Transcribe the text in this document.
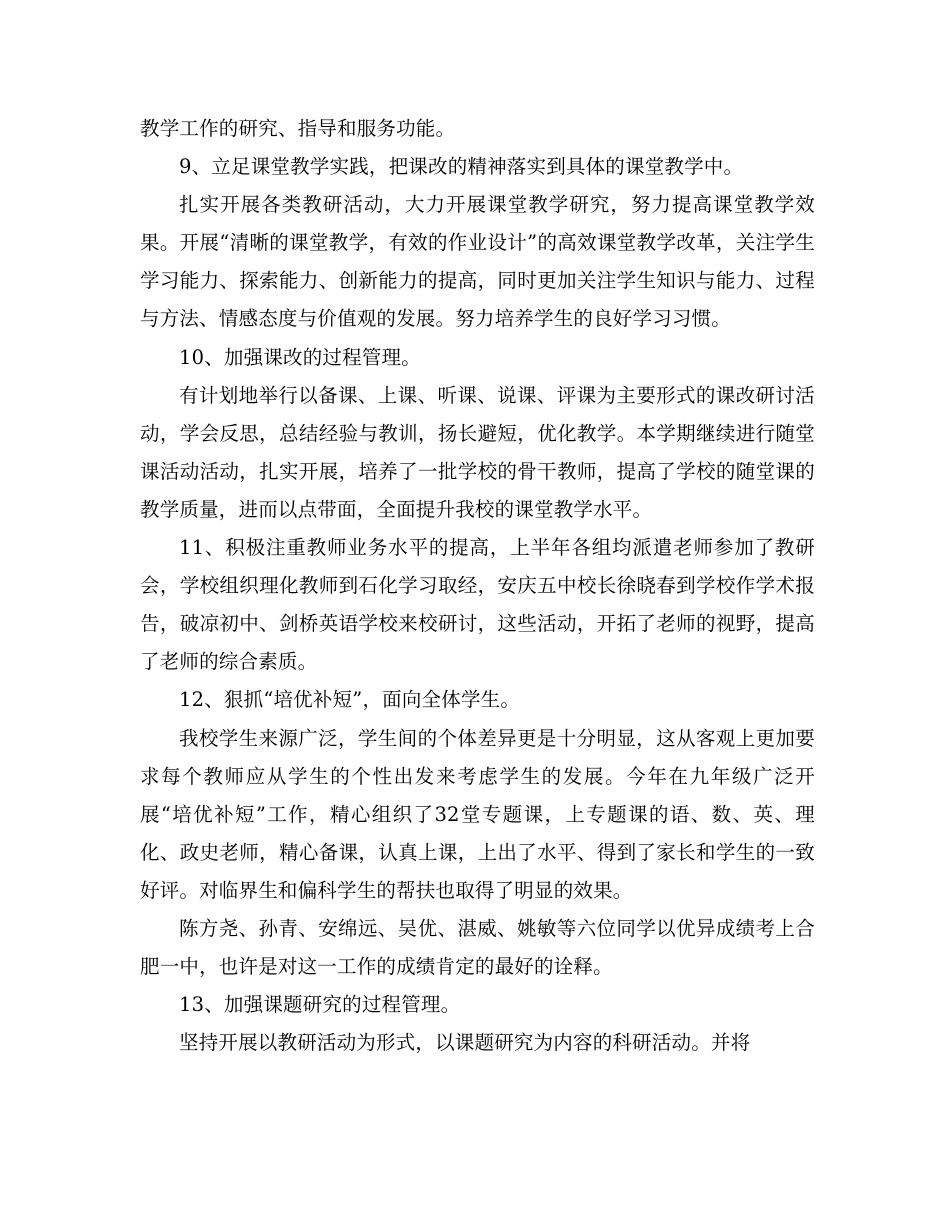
教学工作的研究、指导和服务功能。

9、立足课堂教学实践，把课改的精神落实到具体的课堂教学中。

扎实开展各类教研活动，大力开展课堂教学研究，努力提高课堂教学效果。开展“清晰的课堂教学，有效的作业设计”的高效课堂教学改革，关注学生学习能力、探索能力、创新能力的提高，同时更加关注学生知识与能力、过程与方法、情感态度与价值观的发展。努力培养学生的良好学习习惯。

10、加强课改的过程管理。

有计划地举行以备课、上课、听课、说课、评课为主要形式的课改研讨活动，学会反思，总结经验与教训，扬长避短，优化教学。本学期继续进行随堂课活动活动，扎实开展，培养了一批学校的骨干教师，提高了学校的随堂课的教学质量，进而以点带面，全面提升我校的课堂教学水平。

11、积极注重教师业务水平的提高，上半年各组均派遣老师参加了教研会，学校组织理化教师到石化学习取经，安庆五中校长徐晓春到学校作学术报告，破凉初中、剑桥英语学校来校研讨，这些活动，开拓了老师的视野，提高了老师的综合素质。

12、狠抓“培优补短”，面向全体学生。

我校学生来源广泛，学生间的个体差异更是十分明显，这从客观上更加要求每个教师应从学生的个性出发来考虑学生的发展。今年在九年级广泛开展“培优补短”工作，精心组织了32堂专题课，上专题课的语、数、英、理化、政史老师，精心备课，认真上课，上出了水平、得到了家长和学生的一致好评。对临界生和偏科学生的帮扶也取得了明显的效果。

陈方尧、孙青、安绵远、吴优、湛威、姚敏等六位同学以优异成绩考上合肥一中，也许是对这一工作的成绩肯定的最好的诠释。

13、加强课题研究的过程管理。

坚持开展以教研活动为形式，以课题研究为内容的科研活动。并将
